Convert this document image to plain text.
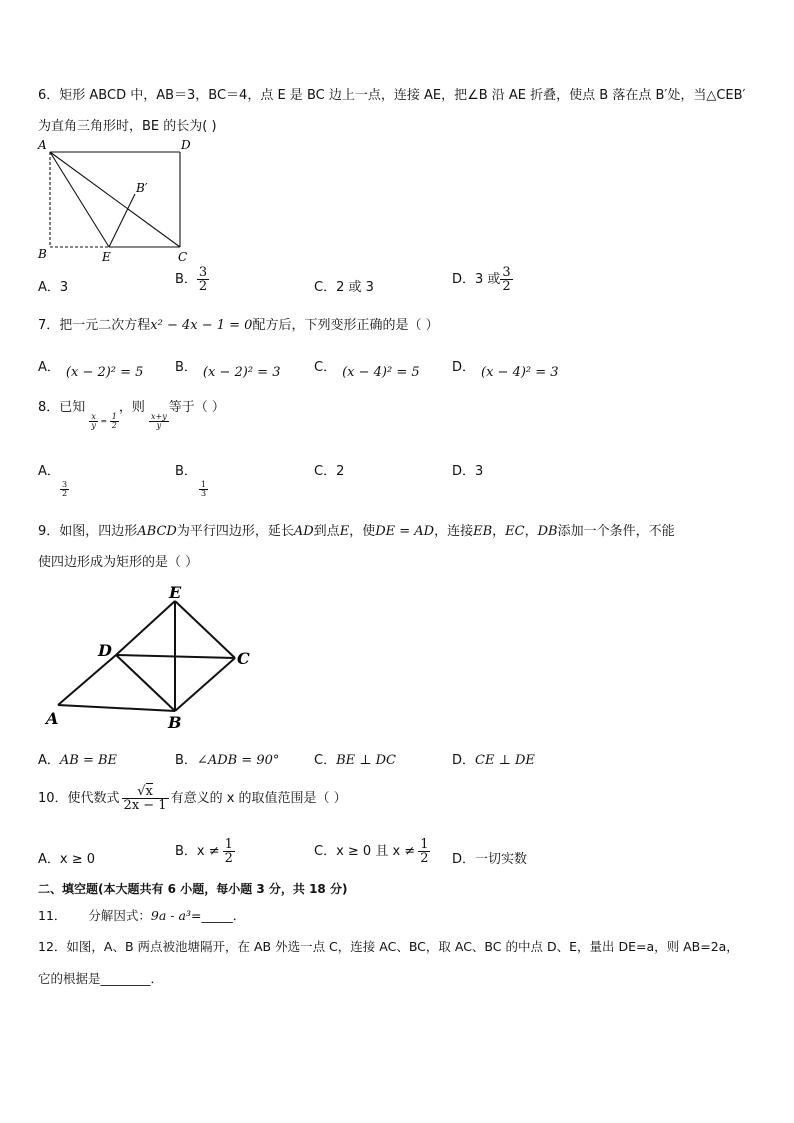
6．矩形 ABCD 中，AB＝3，BC＝4，点 E 是 BC 边上一点，连接 AE，把∠B 沿 AE 折叠，使点 B 落在点 B′处，当△CEB′
为直角三角形时，BE 的长为( )
A	D
B′
B	E	C
A．3
B． $\frac{3}{2}$	C．2 或 3
D．3 或 $\frac{3}{2}$
7．把一元二次方程x² − 4x − 1 = 0配方后，下列变形正确的是（ ）
A． (x − 2)² = 5 B． (x − 2)² = 3	C． (x − 4)² = 5 D． (x − 4)² = 3
8．已知
$\frac{x}{y} = \frac{1}{2}$
，则
$\frac{x+y}{y}$
等于（ ）
A．

$\frac{3}{2}$
B．

$\frac{1}{3}$
C．2	D．3
9．如图，四边形ABCD为平行四边形，延长AD到点E，使DE = AD，连接EB，EC，DB添加一个条件，不能
使四边形成为矩形的是（ ）
E
D	C
A	B
A．AB = BE	B．∠ADB = 90°	C．BE ⊥ DC	D．CE ⊥ DE
10．使代数式 $\frac{√x}{2x - 1}$ 有意义的 x 的取值范围是（ ）
A．x ≥ 0
B．$x \ne \frac{1}{2}$	C．x ≥ 0 且 $x \ne \frac{1}{2}$ D．一切实数
二、填空题(本大题共有 6 小题，每小题 3 分，共 18 分)
11． 分解因式：9a - a³=_____．
12．如图，A、B 两点被池塘隔开，在 AB 外选一点 C，连接 AC、BC，取 AC、BC 的中点 D、E，量出 DE=a，则 AB=2a，
它的根据是________．
